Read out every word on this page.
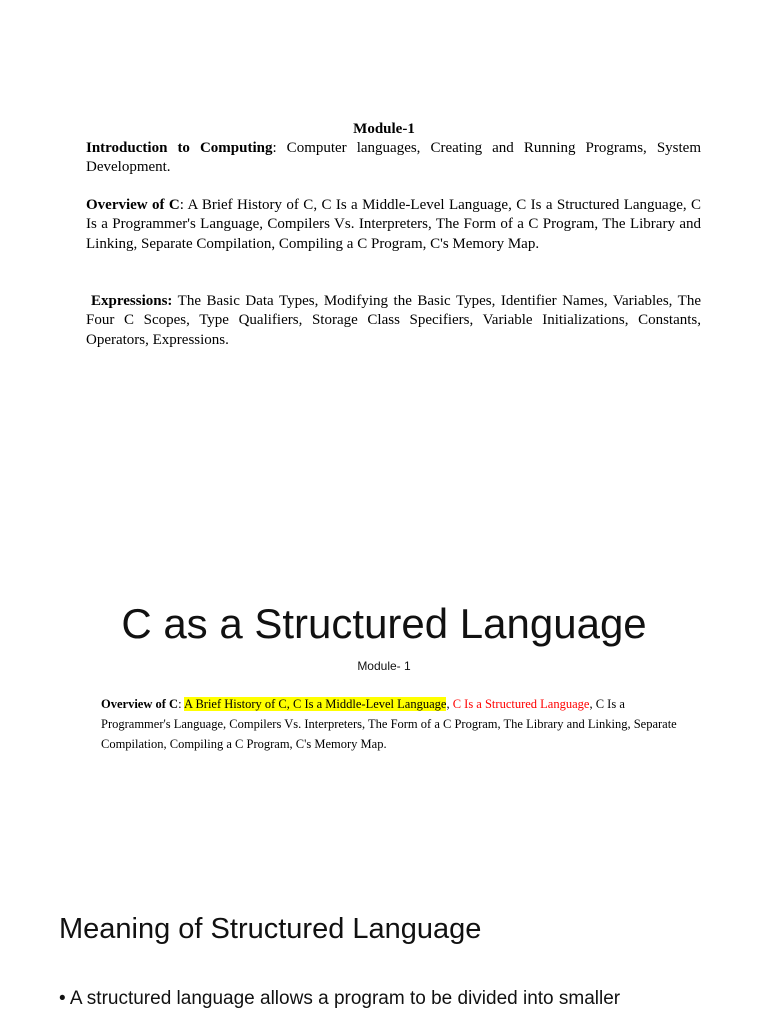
Module-1
Introduction to Computing: Computer languages, Creating and Running Programs, System Development.
Overview of C: A Brief History of C, C Is a Middle-Level Language, C Is a Structured Language, C Is a Programmer's Language, Compilers Vs. Interpreters, The Form of a C Program, The Library and Linking, Separate Compilation, Compiling a C Program, C's Memory Map.
Expressions: The Basic Data Types, Modifying the Basic Types, Identifier Names, Variables, The Four C Scopes, Type Qualifiers, Storage Class Specifiers, Variable Initializations, Constants, Operators, Expressions.
C as a Structured Language
Module- 1
Overview of C: A Brief History of C, C Is a Middle-Level Language, C Is a Structured Language, C Is a Programmer's Language, Compilers Vs. Interpreters, The Form of a C Program, The Library and Linking, Separate Compilation, Compiling a C Program, C's Memory Map.
Meaning of Structured Language
• A structured language allows a program to be divided into smaller
